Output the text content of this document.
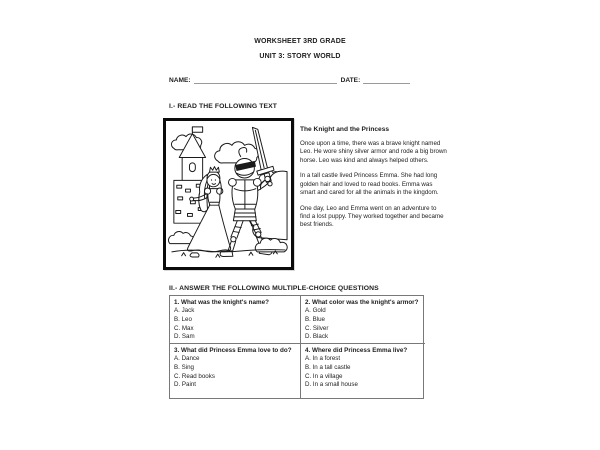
WORKSHEET 3RD GRADE
UNIT 3: STORY WORLD
NAME:	DATE:
I.- READ THE FOLLOWING TEXT
The Knight and the Princess

Once upon a time, there was a brave knight named Leo. He wore shiny silver armor and rode a big brown horse. Leo was kind and always helped others.

In a tall castle lived Princess Emma. She had long golden hair and loved to read books. Emma was smart and cared for all the animals in the kingdom.

One day, Leo and Emma went on an adventure to find a lost puppy. They worked together and became best friends.

II.- ANSWER THE FOLLOWING MULTIPLE-CHOICE QUESTIONS
1. What was the knight's name?
A. Jack
B. Leo
C. Max
D. Sam
2. What color was the knight's armor?
A. Gold
B. Blue
C. Silver
D. Black
3. What did Princess Emma love to do?
A. Dance
B. Sing
C. Read books
D. Paint
4. Where did Princess Emma live?
A. In a forest
B. In a tall castle
C. In a village
D. In a small house
